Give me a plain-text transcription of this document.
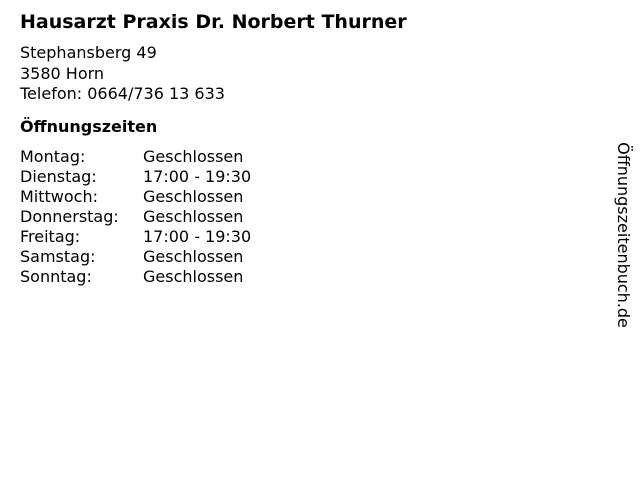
Hausarzt Praxis Dr. Norbert Thurner
Stephansberg 49
3580 Horn
Telefon: 0664/736 13 633
Öffnungszeiten
Montag:	Geschlossen
Dienstag:	17:00 - 19:30
Mittwoch:	Geschlossen
Donnerstag:	Geschlossen
Freitag:	17:00 - 19:30
Samstag:	Geschlossen
Sonntag:	Geschlossen	Öffnungszeitenbuch.de
